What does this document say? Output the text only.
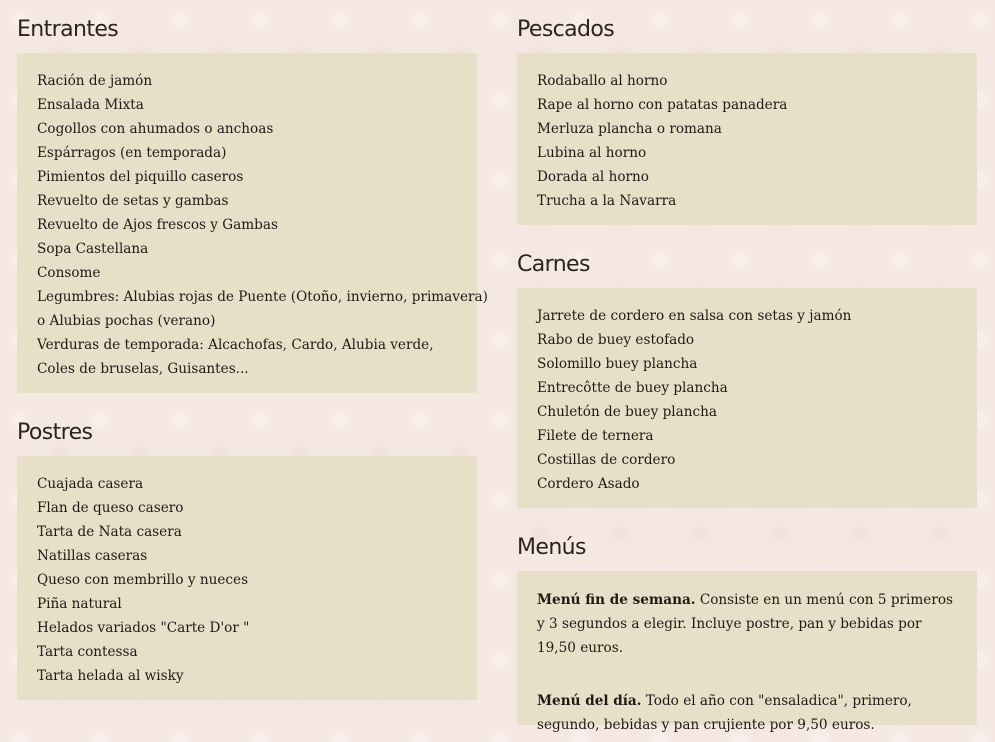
Entrantes
Ración de jamón
Ensalada Mixta
Cogollos con ahumados o anchoas
Espárragos (en temporada)
Pimientos del piquillo caseros
Revuelto de setas y gambas
Revuelto de Ajos frescos y Gambas
Sopa Castellana
Consome
Legumbres: Alubias rojas de Puente (Otoño, invierno, primavera)
o Alubias pochas (verano)
Verduras de temporada: Alcachofas, Cardo, Alubia verde, Coles de bruselas, Guisantes...
Postres
Cuajada casera
Flan de queso casero
Tarta de Nata casera
Natillas caseras
Queso con membrillo y nueces
Piña natural
Helados variados "Carte D'or "
Tarta contessa
Tarta helada al wisky
Pescados
Rodaballo al horno
Rape al horno con patatas panadera
Merluza plancha o romana
Lubina al horno
Dorada al horno
Trucha a la Navarra
Carnes
Jarrete de cordero en salsa con setas y jamón
Rabo de buey estofado
Solomillo buey plancha
Entrecôtte de buey plancha
Chuletón de buey plancha
Filete de ternera
Costillas de cordero
Cordero Asado
Menús

Menú fin de semana. Consiste en un menú con 5 primeros y 3 segundos a elegir. Incluye postre, pan y bebidas por 19,50 euros.

Menú del día. Todo el año con "ensaladica", primero, segundo, bebidas y pan crujiente por 9,50 euros.
